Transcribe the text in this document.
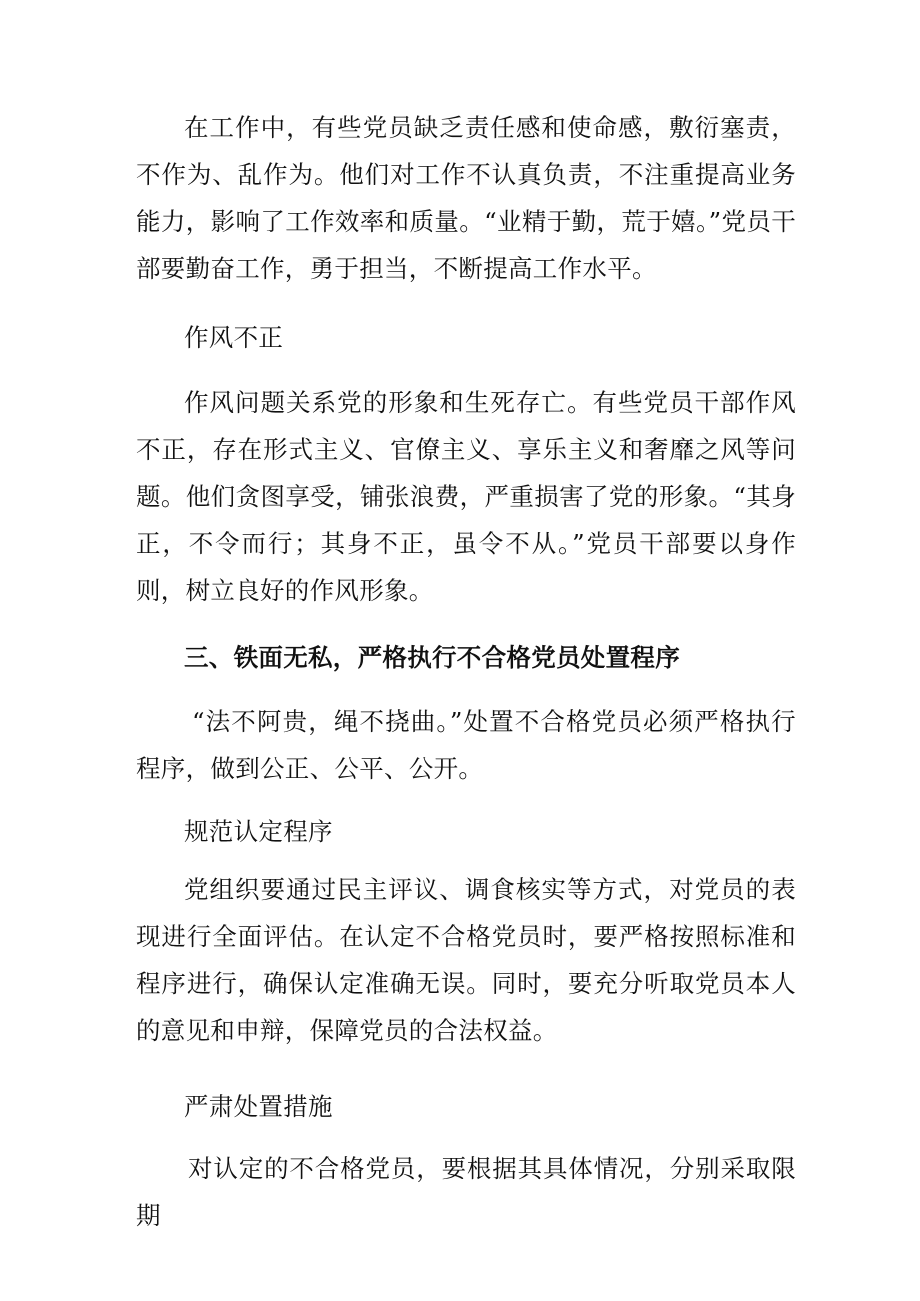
在工作中，有些党员缺乏责任感和使命感，敷衍塞责，不作为、乱作为。他们对工作不认真负责，不注重提高业务能力，影响了工作效率和质量。“业精于勤，荒于嬉。”党员干部要勤奋工作，勇于担当，不断提高工作水平。

作风不正

作风问题关系党的形象和生死存亡。有些党员干部作风不正，存在形式主义、官僚主义、享乐主义和奢靡之风等问题。他们贪图享受，铺张浪费，严重损害了党的形象。“其身正，不令而行；其身不正，虽令不从。”党员干部要以身作则，树立良好的作风形象。

三、铁面无私，严格执行不合格党员处置程序

“法不阿贵，绳不挠曲。”处置不合格党员必须严格执行程序，做到公正、公平、公开。

规范认定程序

党组织要通过民主评议、调食核实等方式，对党员的表现进行全面评估。在认定不合格党员时，要严格按照标准和程序进行，确保认定准确无误。同时，要充分听取党员本人的意见和申辩，保障党员的合法权益。

严肃处置措施

对认定的不合格党员，要根据其具体情况，分别采取限期
